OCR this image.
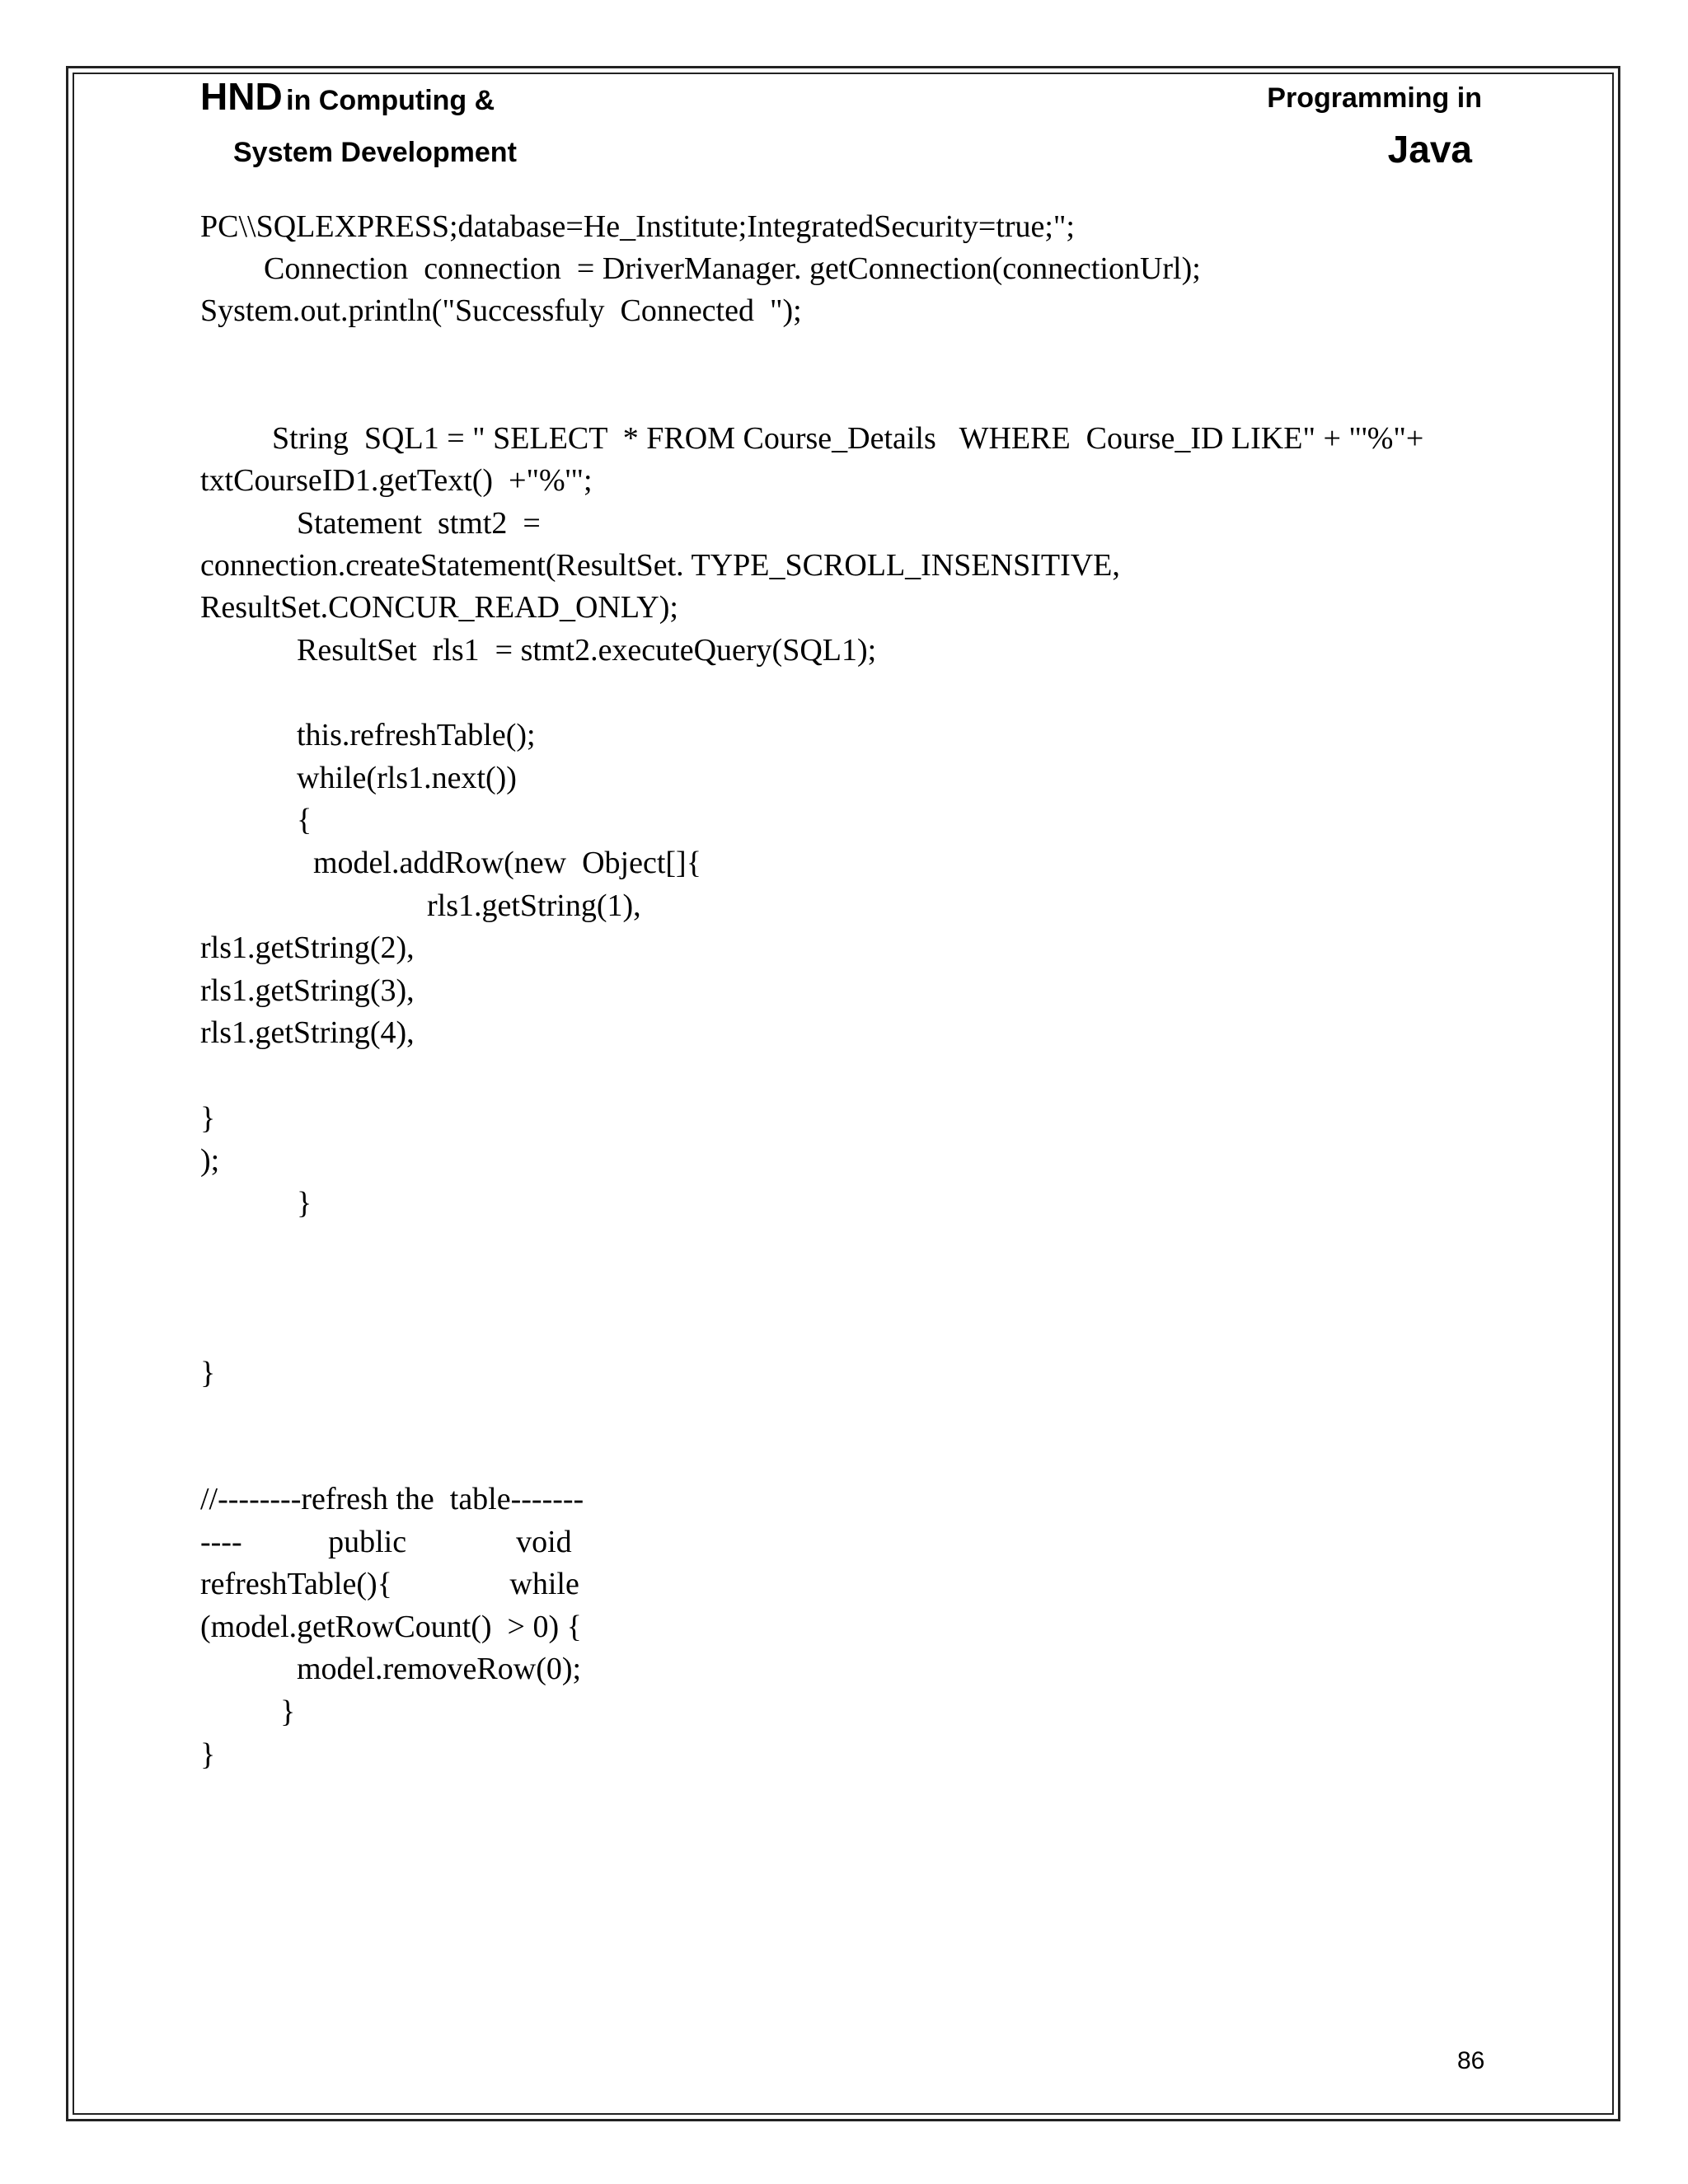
HND in Computing &
System Development
Programming in
Java
PC\\SQLEXPRESS;database=He_Institute;IntegratedSecurity=true;";
Connection  connection  = DriverManager. getConnection(connectionUrl);
System.out.println("Successfuly  Connected  ");
String  SQL1 = " SELECT  * FROM Course_Details   WHERE  Course_ID LIKE" + "'%"+
txtCourseID1.getText()  +"%'";
Statement  stmt2  =
connection.createStatement(ResultSet. TYPE_SCROLL_INSENSITIVE,
ResultSet.CONCUR_READ_ONLY);
ResultSet  rls1  = stmt2.executeQuery(SQL1);
this.refreshTable();
while(rls1.next())
{
model.addRow(new  Object[]{
rls1.getString(1),
rls1.getString(2),
rls1.getString(3),
rls1.getString(4),
}
);
}
}
//--------refresh the  table-------
----           public              void
refreshTable(){               while
(model.getRowCount()  > 0) {
model.removeRow(0);
}
}
86
